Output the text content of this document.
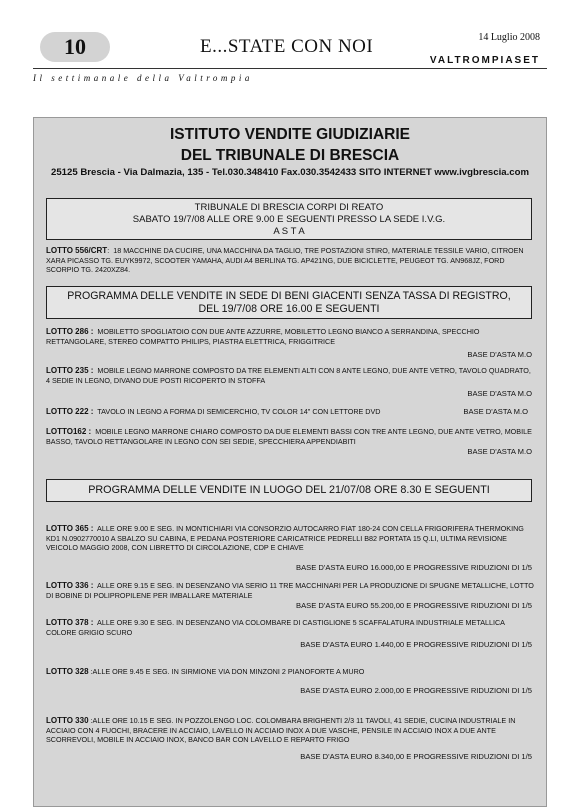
10	E...STATE CON NOI	14 Luglio 2008
VALTROMPIASET
Il settimanale della Valtrompia
ISTITUTO VENDITE GIUDIZIARIE
DEL TRIBUNALE DI BRESCIA
25125 Brescia - Via Dalmazia, 135 - Tel.030.348410 Fax.030.3542433 SITO INTERNET www.ivgbrescia.com
TRIBUNALE DI BRESCIA CORPI DI REATO
SABATO 19/7/08 ALLE ORE 9.00 E SEGUENTI PRESSO LA SEDE I.V.G.
A S T A
LOTTO 556/CRT:  18 MACCHINE DA CUCIRE, UNA MACCHINA DA TAGLIO, TRE POSTAZIONI STIRO, MATERIALE TESSILE VARIO, CITROEN XARA PICASSO TG. EUYK9972, SCOOTER YAMAHA, AUDI A4 BERLINA TG. AP421NG, DUE BICICLETTE, PEUGEOT TG. AN968JZ, FORD SCORPIO TG. 2420XZ84.
PROGRAMMA DELLE VENDITE IN SEDE DI BENI GIACENTI SENZA TASSA DI REGISTRO,
DEL 19/7/08 ORE 16.00 E SEGUENTI
LOTTO 286 : MOBILETTO SPOGLIATOIO CON DUE ANTE AZZURRE, MOBILETTO LEGNO BIANCO A SERRANDINA, SPECCHIO RETTANGOLARE, STEREO COMPATTO PHILIPS, PIASTRA ELETTRICA, FRIGGITRICE
BASE D'ASTA M.O
LOTTO 235 : MOBILE LEGNO MARRONE COMPOSTO DA TRE ELEMENTI ALTI CON 8 ANTE LEGNO, DUE ANTE VETRO, TAVOLO QUADRATO, 4 SEDIE IN LEGNO, DIVANO DUE POSTI RICOPERTO IN STOFFA
BASE D'ASTA M.O
LOTTO 222 : TAVOLO IN LEGNO A FORMA DI SEMICERCHIO, TV COLOR 14" CON LETTORE DVD	BASE D'ASTA M.O
LOTTO162 : MOBILE LEGNO MARRONE CHIARO COMPOSTO DA DUE ELEMENTI BASSI CON TRE ANTE LEGNO, DUE ANTE VETRO, MOBILE BASSO, TAVOLO RETTANGOLARE IN LEGNO CON SEI SEDIE, SPECCHIERA APPENDIABITI
BASE D'ASTA M.O
PROGRAMMA DELLE VENDITE IN LUOGO DEL 21/07/08 ORE 8.30 E SEGUENTI
LOTTO 365 : ALLE ORE 9.00 E SEG. IN MONTICHIARI VIA CONSORZIO AUTOCARRO FIAT 180-24 CON CELLA FRIGORIFERA THERMOKING KD1 N.0902770010 A SBALZO SU CABINA, E PEDANA POSTERIORE CARICATRICE PEDRELLI B82 PORTATA 15 Q.LI, ULTIMA REVISIONE VEICOLO MAGGIO 2008, CON LIBRETTO DI CIRCOLAZIONE, CDP E CHIAVE
BASE D'ASTA EURO 16.000,00 E PROGRESSIVE RIDUZIONI DI 1/5
LOTTO 336 : ALLE ORE 9.15 E SEG. IN DESENZANO VIA SERIO 11 TRE MACCHINARI PER LA PRODUZIONE DI SPUGNE METALLICHE, LOTTO DI BOBINE DI POLIPROPILENE PER IMBALLARE MATERIALE
BASE D'ASTA EURO 55.200,00 E PROGRESSIVE RIDUZIONI DI 1/5
LOTTO 378 : ALLE ORE 9.30 E SEG. IN DESENZANO VIA COLOMBARE DI CASTIGLIONE 5 SCAFFALATURA INDUSTRIALE METALLICA COLORE GRIGIO SCURO
BASE D'ASTA EURO 1.440,00 E PROGRESSIVE RIDUZIONI DI 1/5
LOTTO 328 :ALLE ORE 9.45 E SEG. IN SIRMIONE VIA DON MINZONI 2 PIANOFORTE A MURO
BASE D'ASTA EURO 2.000,00 E PROGRESSIVE RIDUZIONI DI 1/5
LOTTO 330 :ALLE ORE 10.15 E SEG. IN POZZOLENGO LOC. COLOMBARA BRIGHENTI 2/3 11 TAVOLI, 41 SEDIE, CUCINA INDUSTRIALE IN ACCIAIO CON 4 FUOCHI, BRACERE IN ACCIAIO, LAVELLO IN ACCIAIO INOX A DUE VASCHE, PENSILE IN ACCIAIO INOX A DUE ANTE SCORREVOLI, MOBILE IN ACCIAIO INOX, BANCO BAR CON LAVELLO E REPARTO FRIGO
BASE D'ASTA EURO 8.340,00 E PROGRESSIVE RIDUZIONI DI 1/5
